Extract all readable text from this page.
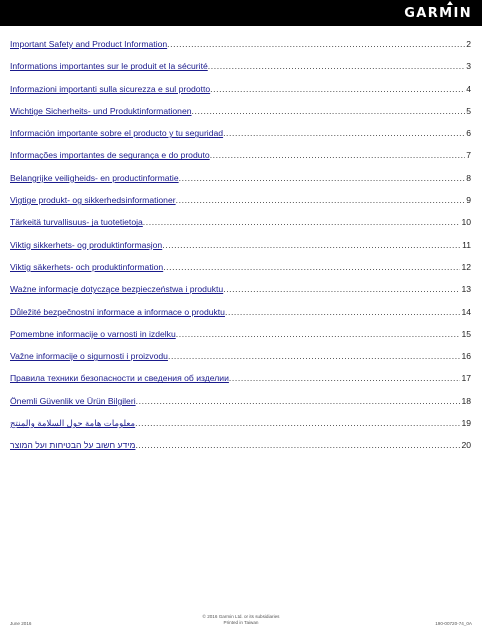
GARMIN
Important Safety and Product Information .....	2
Informations importantes sur le produit et la sécurité .....	3
Informazioni importanti sulla sicurezza e sul prodotto .....	4
Wichtige Sicherheits- und Produktinformationen .....	5
Información importante sobre el producto y tu seguridad .....	6
Informações importantes de segurança e do produto .....	7
Belangrijke veiligheids- en productinformatie .....	8
Vigtige produkt- og sikkerhedsinformationer .....	9
Tärkeitä turvallisuus- ja tuotetietoja .....	10
Viktig sikkerhets- og produktinformasjon .....	11
Viktig säkerhets- och produktinformation .....	12
Ważne informacje dotyczące bezpieczeństwa i produktu .....	13
Důležité bezpečnostní informace a informace o produktu .....	14
Pomembne informacije o varnosti in izdelku .....	15
Važne informacije o sigurnosti i proizvodu .....	16
Правила техники безопасности и сведения об изделии .....	17
Önemli Güvenlik ve Ürün Bilgileri .....	18
معلومات هامة حول السلامة والمنتج .....	19
מידע חשוב על הבטיחות ועל המוצר .....	20
June 2016
© 2016 Garmin Ltd. or its subsidiaries
Printed in Taiwan	190-00720-74_0A
